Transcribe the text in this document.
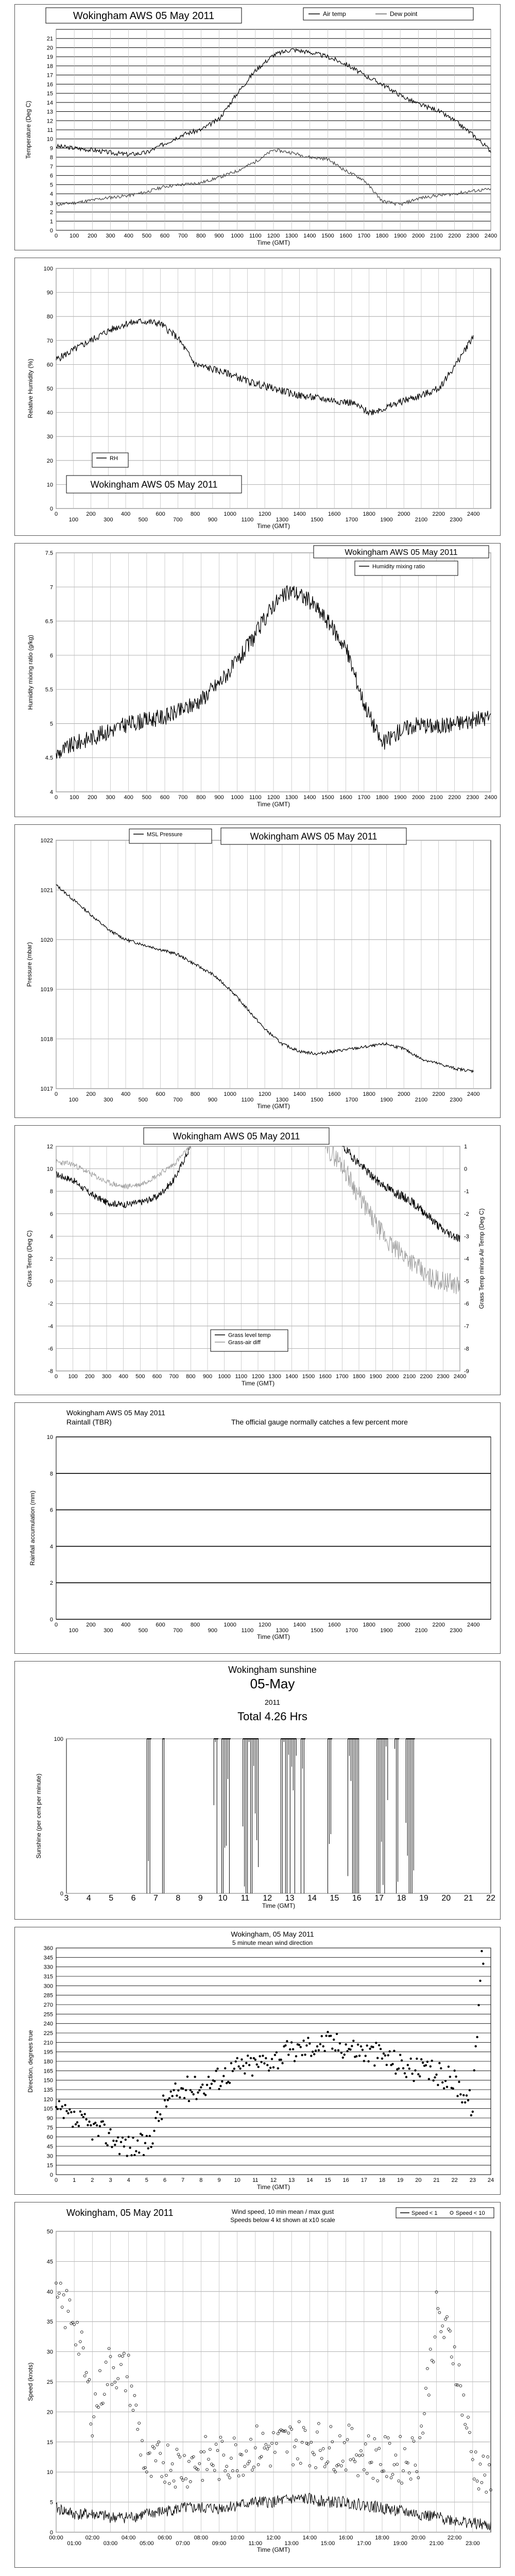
0
1
2
3
4
5
6
7
8
9
10
11
12
13
14
15
16
17
18
19
20
21
0 100 200 300 400 500 600 700 800 900 1000 1100 1200 1300 1400 1500 1600 1700 1800 1900 2000 2100 2200 2300 2400
Time (GMT)
Temperature (Deg C)
Wokingham AWS 05 May 2011	Air temp	Dew point
0
10
20
30
40
50
60
70
80
90
100
0
100
200
300
400
500
600
700
800
900
1000
1100
1200
1300
1400
1500
1600
1700
1800
1900
2000
2100
2200
2300
2400
Time (GMT)
Relative Humidity (%)
RH
Wokingham AWS 05 May 2011
4
4.5
5
5.5
6
6.5
7
7.5
0 100 200 300 400 500 600 700 800 900 1000 1100 1200 1300 1400 1500 1600 1700 1800 1900 2000 2100 2200 2300 2400
Time (GMT)
Humidity mixing ratio (g/kg)
Wokingham AWS 05 May 2011
Humidity mixing ratio
1017
1018
1019
1020
1021
1022
0
100
200
300
400
500
600
700
800
900
1000
1100
1200
1300
1400
1500
1600
1700
1800
1900
2000
2100
2200
2300
2400
Time (GMT)
Pressure (mbar)
MSL Pressure	Wokingham AWS 05 May 2011
-8
-6
-4
-2
0
2
4
6
8
10
12
0 100 200 300 400 500 600 700 800 900 1000 1100 1200 1300 1400 1500 1600 1700 1800 1900 2000 2100 2200 2300 2400
Time (GMT)
Grass Temp (Deg C)
-9
-8
-7
-6
-5
-4
-3
-2
-1
0
1
Grass Temp minus Air Temp (Deg C)
Wokingham AWS 05 May 2011
Grass level temp
Grass-air diff
0
2
4
6
8
10
0
100
200
300
400
500
600
700
800
900
1000
1100
1200
1300
1400
1500
1600
1700
1800
1900
2000
2100
2200
2300
2400
Time (GMT)
Rainfall accumulation (mm)
Wokingham AWS 05 May 2011
Raintall (TBR)	The official gauge normally catches a few percent more
0
100
3 4 5 6 7 8 9 10 11 12 13 14 15 16 17 18 19 20 21 22
Time (GMT)
Sunshine (per cent per minute)
Wokingham sunshine
05-May
2011
Total 4.26 Hrs
0
15
30
45
60
75
90
105
120
135
150
165
180
195
210
225
240
255
270
285
300
315
330
345
360
0	1	2	3	4	5	6	7	8	9 10 11 12 13 14 15 16 17 18 19 20 21 22 23 24
Time (GMT)
Direction, degrees true
Wokingham, 05 May 2011
5 minute mean wind direction
0
5
10
15
20
25
30
35
40
45
50
00:00
01:00
02:00
03:00
04:00
05:00
06:00
07:00
08:00
09:00
10:00
11:00
12:00
13:00
14:00
15:00
16:00
17:00
18:00
19:00
20:00
21:00
22:00
23:00
Time (GMT)
Speed (knots)
Wokingham, 05 May 2011	Wind speed, 10 min mean / max gust
Speeds below 4 kt shown at x10 scale
Speed < 1	Speed < 10
